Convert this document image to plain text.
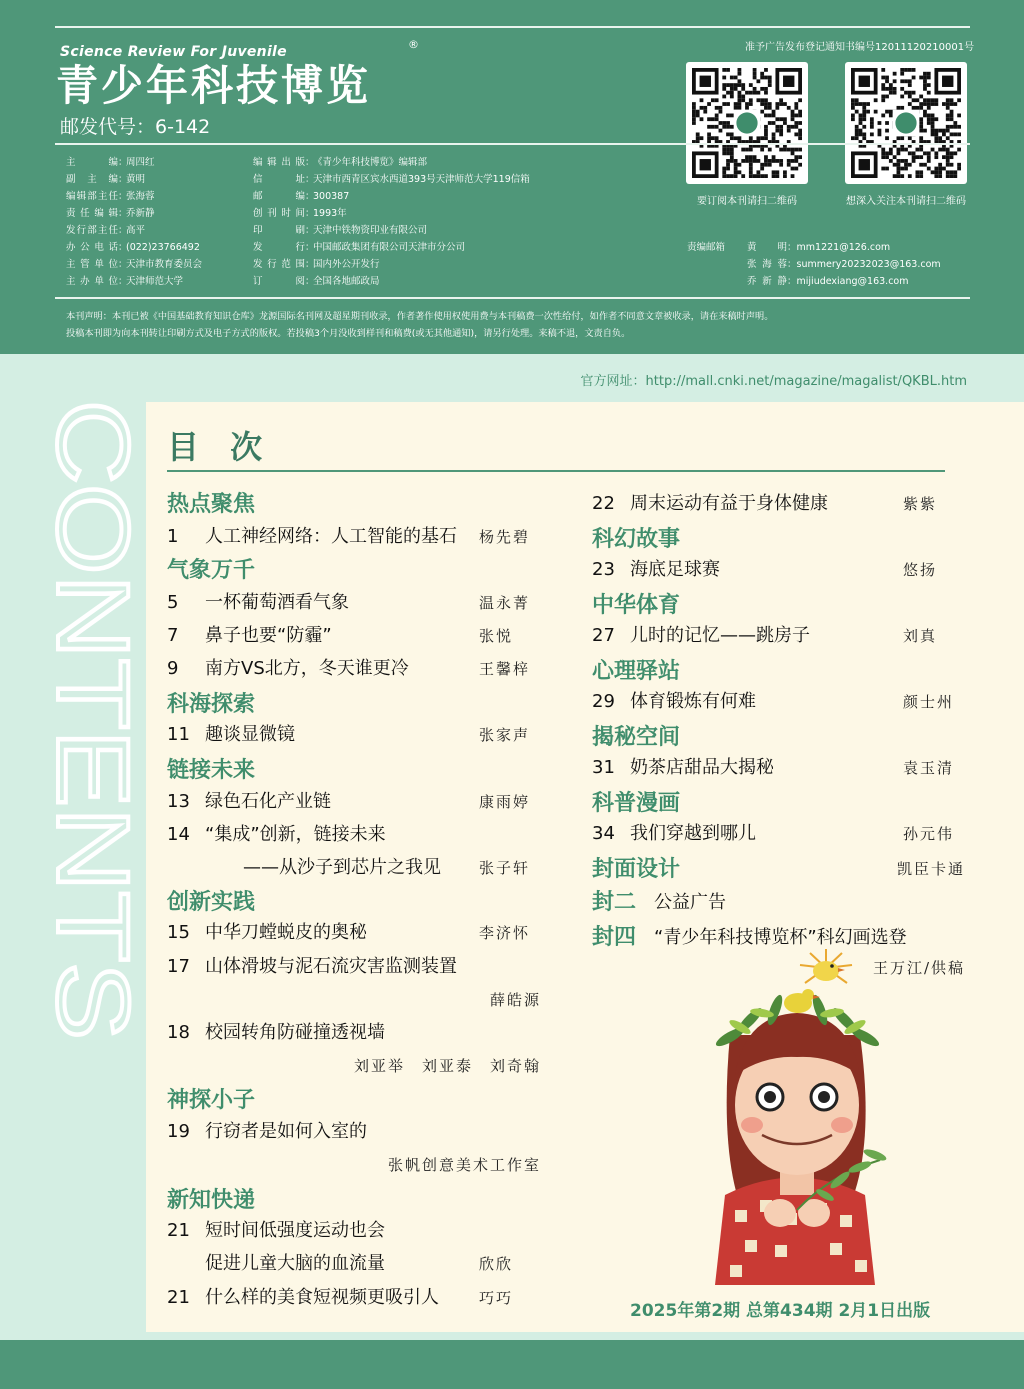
Science Review For Juvenile	®
青少年科技博览
邮发代号：6-142
准予广告发布登记通知书编号12011120210001号
要订阅本刊请扫二维码	想深入关注本刊请扫二维码
主编 ：
周四红
副主编 ：
黄明
编辑部主任 ：
张海蓉
责任编辑 ：
乔新静
发行部主任 ：
高平
办公电话 ：
(022)23766492
主管单位 ：
天津市教育委员会
主办单位 ：
天津师范大学
编辑出版 ：
《青少年科技博览》编辑部
信址 ：
天津市西青区宾水西道393号天津师范大学119信箱
邮编 ：
300387
创刊时间 ：
1993年
印刷 ：
天津中铁物资印业有限公司
发行 ：
中国邮政集团有限公司天津市分公司
发行范围 ：
国内外公开发行
订阅 ：
全国各地邮政局
责编邮箱	黄明 ： mm1221@126.com
张海蓉 ： summery20232023@163.com
乔新静 ： mijiudexiang@163.com
本刊声明：本刊已被《中国基础教育知识仓库》龙源国际名刊网及超星期刊收录，作者著作使用权使用费与本刊稿费一次性给付，如作者不同意文章被收录，请在来稿时声明。
投稿本刊即为向本刊转让印刷方式及电子方式的版权。若投稿3个月没收到样刊和稿费(或无其他通知)，请另行处理。来稿不退，文责自负。
官方网址：http://mall.cnki.net/magazine/magalist/QKBL.htm
CONTENTS 目 次
热点聚焦
1 人工神经网络：人工智能的基石 杨先碧
气象万千
5 一杯葡萄酒看气象	温永菁
7 鼻子也要“防霾”	张悦
9 南方VS北方，冬天谁更冷	王馨梓
科海探索
11 趣谈显微镜	张家声
链接未来
13 绿色石化产业链	康雨婷
14 “集成”创新，链接未来
——从沙子到芯片之我见	张子轩
创新实践
15 中华刀螳蜕皮的奥秘	李济怀
17 山体滑坡与泥石流灾害监测装置
薛皓源
18 校园转角防碰撞透视墙
刘亚举　刘亚泰　刘奇翰
神探小子
19 行窃者是如何入室的
张帆创意美术工作室
新知快递
21 短时间低强度运动也会
促进儿童大脑的血流量	欣欣
21 什么样的美食短视频更吸引人	巧巧
22 周末运动有益于身体健康	紫紫
科幻故事
23 海底足球赛	悠扬
中华体育
27 儿时的记忆——跳房子	刘真
心理驿站
29 体育锻炼有何难	颜士州
揭秘空间
31 奶茶店甜品大揭秘	袁玉清
科普漫画
34 我们穿越到哪儿	孙元伟
封面设计	凯臣卡通
封二 公益广告
封四 “青少年科技博览杯”科幻画选登
王万江/供稿
2025年第2期 总第434期 2月1日出版
